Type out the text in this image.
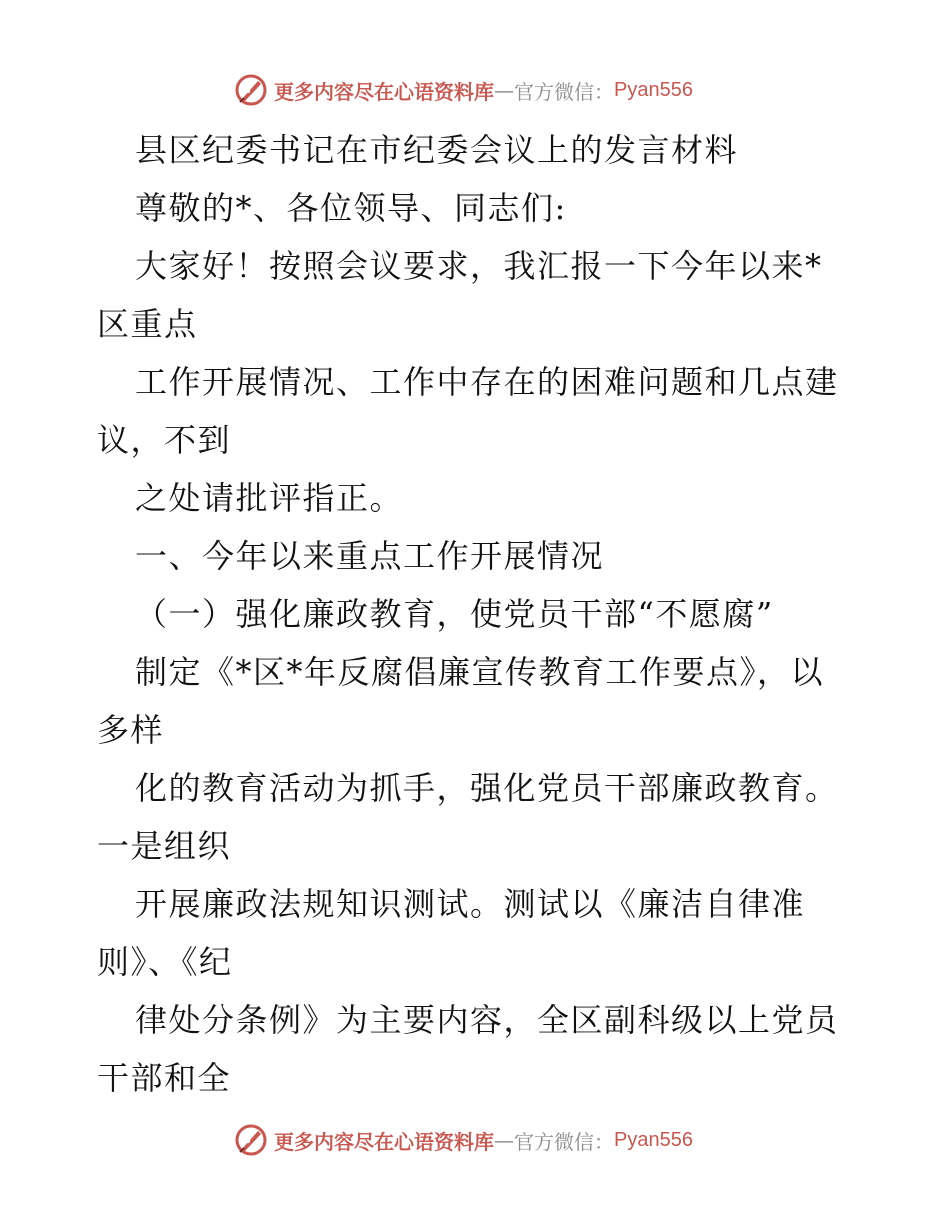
更多内容尽在心语资料库 — 官方微信： Pyan556
县区纪委书记在市纪委会议上的发言材料
尊敬的*、各位领导、同志们:
大家好！按照会议要求，我汇报一下今年以来*
区重点
工作开展情况、工作中存在的困难问题和几点建
议，不到
之处请批评指正。
一、今年以来重点工作开展情况
（一）强化廉政教育，使党员干部“不愿腐”
制定《*区*年反腐倡廉宣传教育工作要点》，以
多样
化的教育活动为抓手，强化党员干部廉政教育。
一是组织
开展廉政法规知识测试。测试以《廉洁自律准
则》、《纪
律处分条例》为主要内容，全区副科级以上党员
干部和全
更多内容尽在心语资料库 — 官方微信： Pyan556
